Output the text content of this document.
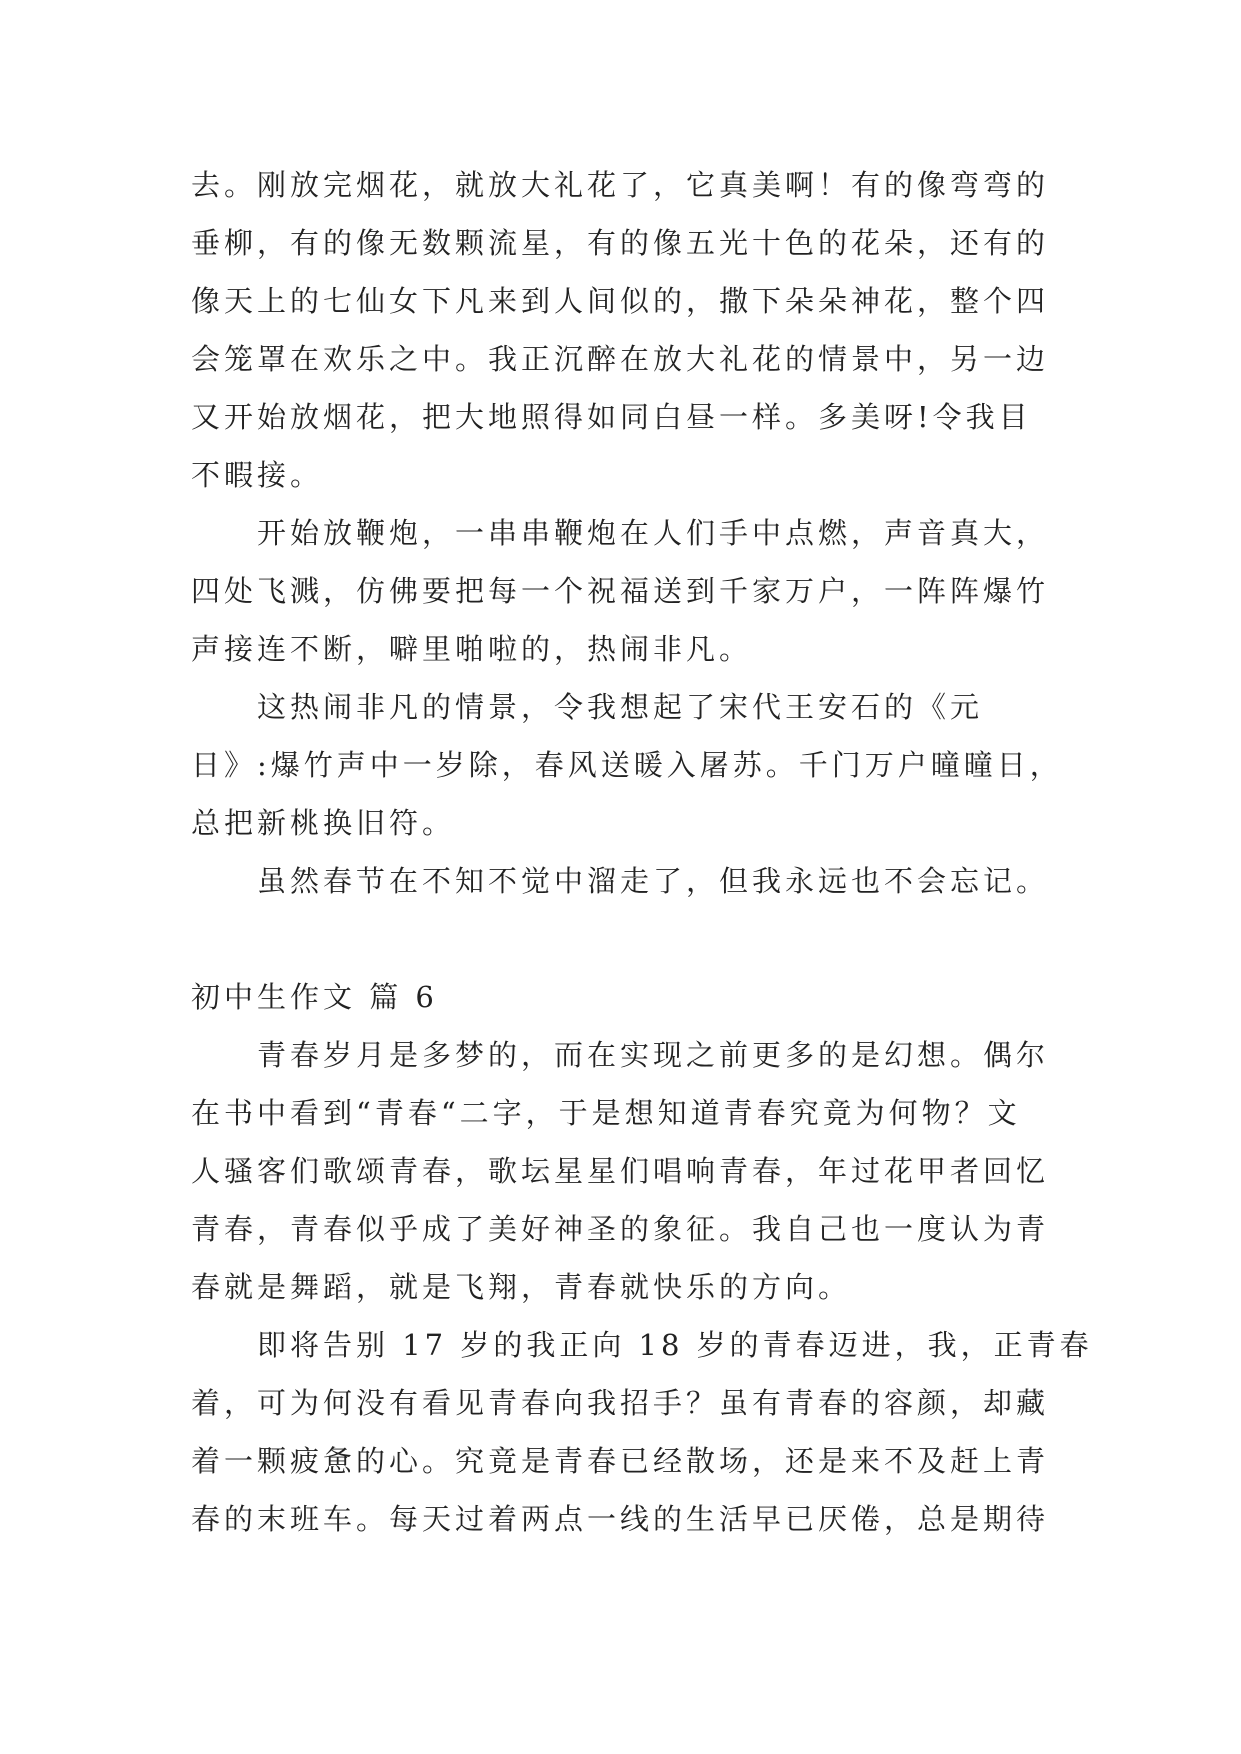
去。刚放完烟花，就放大礼花了，它真美啊！有的像弯弯的
垂柳，有的像无数颗流星，有的像五光十色的花朵，还有的
像天上的七仙女下凡来到人间似的，撒下朵朵神花，整个四
会笼罩在欢乐之中。我正沉醉在放大礼花的情景中，另一边
又开始放烟花，把大地照得如同白昼一样。多美呀!令我目
不暇接。
开始放鞭炮，一串串鞭炮在人们手中点燃，声音真大，
四处飞溅，仿佛要把每一个祝福送到千家万户，一阵阵爆竹
声接连不断，噼里啪啦的，热闹非凡。
这热闹非凡的情景，令我想起了宋代王安石的《元
日》:爆竹声中一岁除，春风送暖入屠苏。千门万户曈曈日，
总把新桃换旧符。
虽然春节在不知不觉中溜走了，但我永远也不会忘记。
初中生作文 篇 6
青春岁月是多梦的，而在实现之前更多的是幻想。偶尔
在书中看到“青春“二字，于是想知道青春究竟为何物？文
人骚客们歌颂青春，歌坛星星们唱响青春，年过花甲者回忆
青春，青春似乎成了美好神圣的象征。我自己也一度认为青
春就是舞蹈，就是飞翔，青春就快乐的方向。
即将告别 17 岁的我正向 18 岁的青春迈进，我，正青春
着，可为何没有看见青春向我招手？虽有青春的容颜，却藏
着一颗疲惫的心。究竟是青春已经散场，还是来不及赶上青
春的末班车。每天过着两点一线的生活早已厌倦，总是期待
